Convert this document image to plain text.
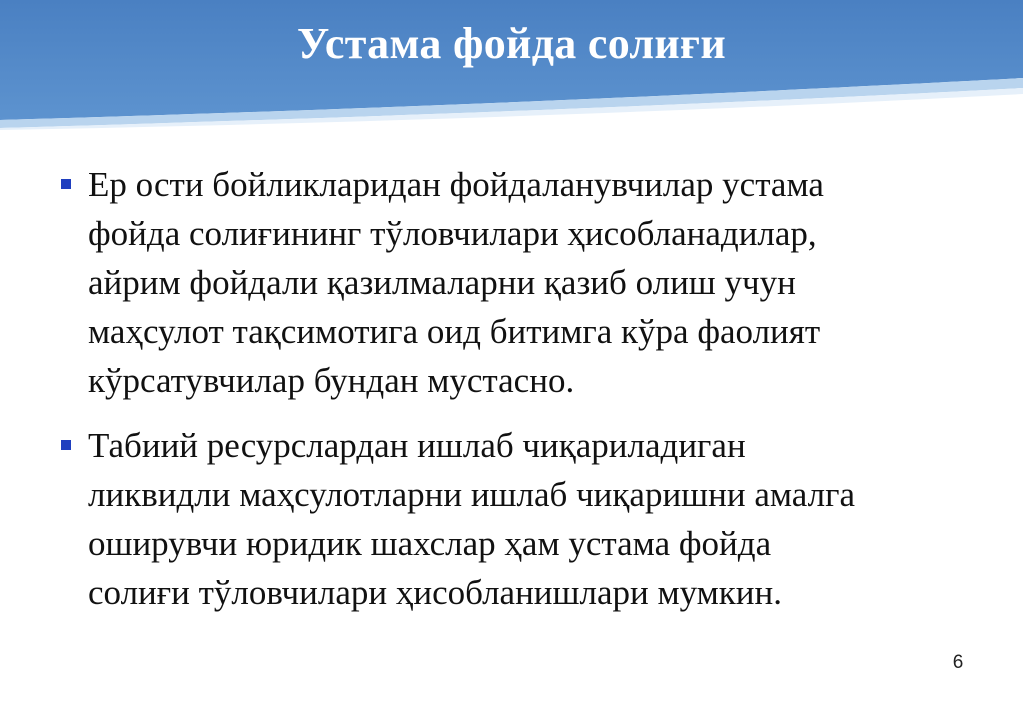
Устама фойда солиғи
Ер ости бойликларидан фойдаланувчилар устама
фойда солиғининг тўловчилари ҳисобланадилар,
айрим фойдали қазилмаларни қазиб олиш учун
маҳсулот тақсимотига оид битимга кўра фаолият
кўрсатувчилар бундан мустасно.
Табиий ресурслардан ишлаб чиқариладиган
ликвидли маҳсулотларни ишлаб чиқаришни амалга
оширувчи юридик шахслар ҳам устама фойда
солиғи тўловчилари ҳисобланишлари мумкин.
6
